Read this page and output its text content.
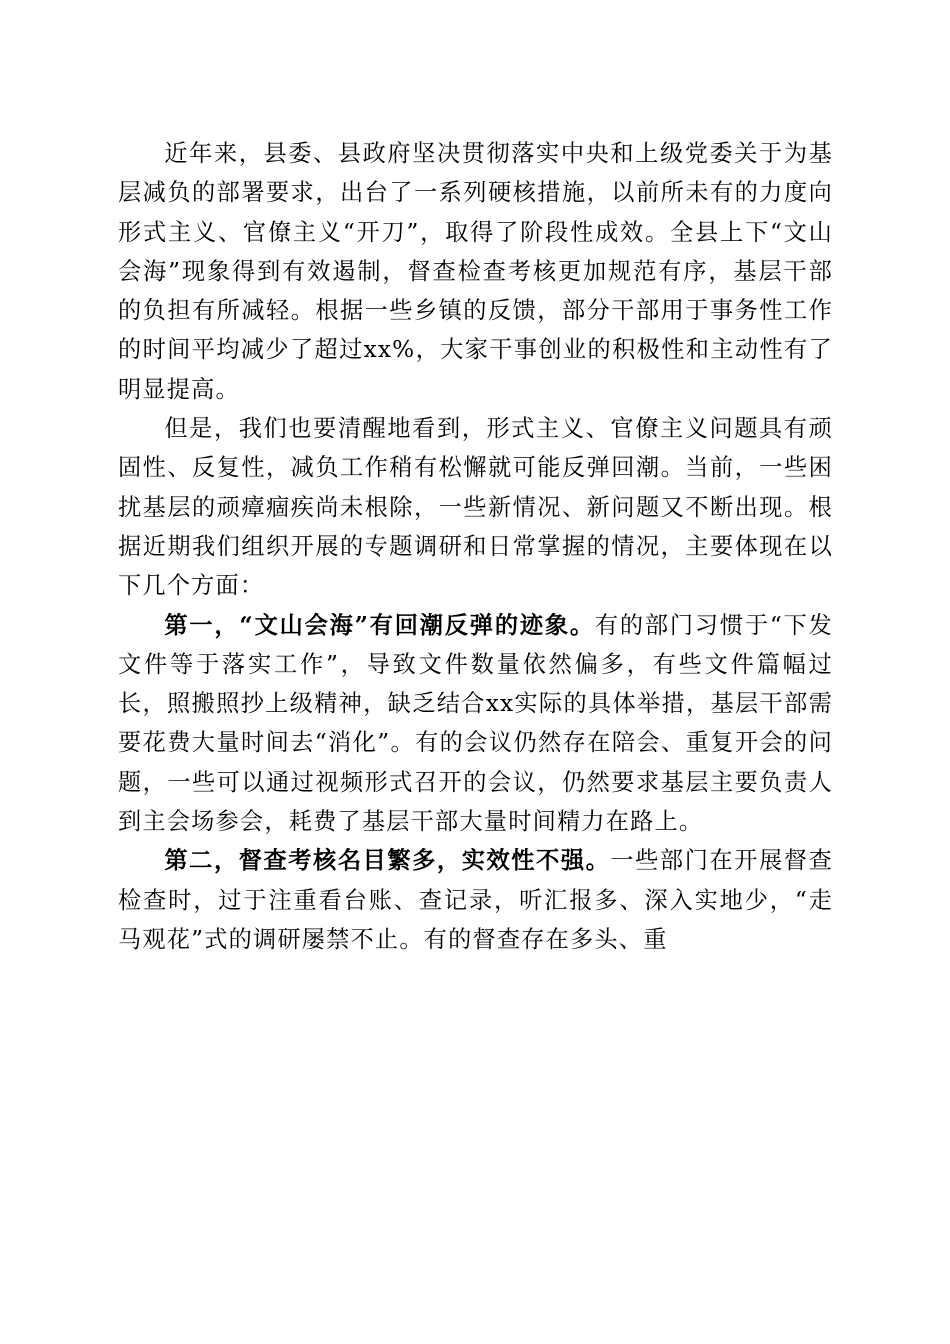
近年来，县委、县政府坚决贯彻落实中央和上级党委关于为基层减负的部署要求，出台了一系列硬核措施，以前所未有的力度向形式主义、官僚主义“开刀”，取得了阶段性成效。全县上下“文山会海”现象得到有效遏制，督查检查考核更加规范有序，基层干部的负担有所减轻。根据一些乡镇的反馈，部分干部用于事务性工作的时间平均减少了超过xx%，大家干事创业的积极性和主动性有了明显提高。

但是，我们也要清醒地看到，形式主义、官僚主义问题具有顽固性、反复性，减负工作稍有松懈就可能反弹回潮。当前，一些困扰基层的顽瘴痼疾尚未根除，一些新情况、新问题又不断出现。根据近期我们组织开展的专题调研和日常掌握的情况，主要体现在以下几个方面：

第一，“文山会海”有回潮反弹的迹象。有的部门习惯于“下发文件等于落实工作”，导致文件数量依然偏多，有些文件篇幅过长，照搬照抄上级精神，缺乏结合xx实际的具体举措，基层干部需要花费大量时间去“消化”。有的会议仍然存在陪会、重复开会的问题，一些可以通过视频形式召开的会议，仍然要求基层主要负责人到主会场参会，耗费了基层干部大量时间精力在路上。

第二，督查考核名目繁多，实效性不强。一些部门在开展督查检查时，过于注重看台账、查记录，听汇报多、深入实地少，“走马观花”式的调研屡禁不止。有的督查存在多头、重
